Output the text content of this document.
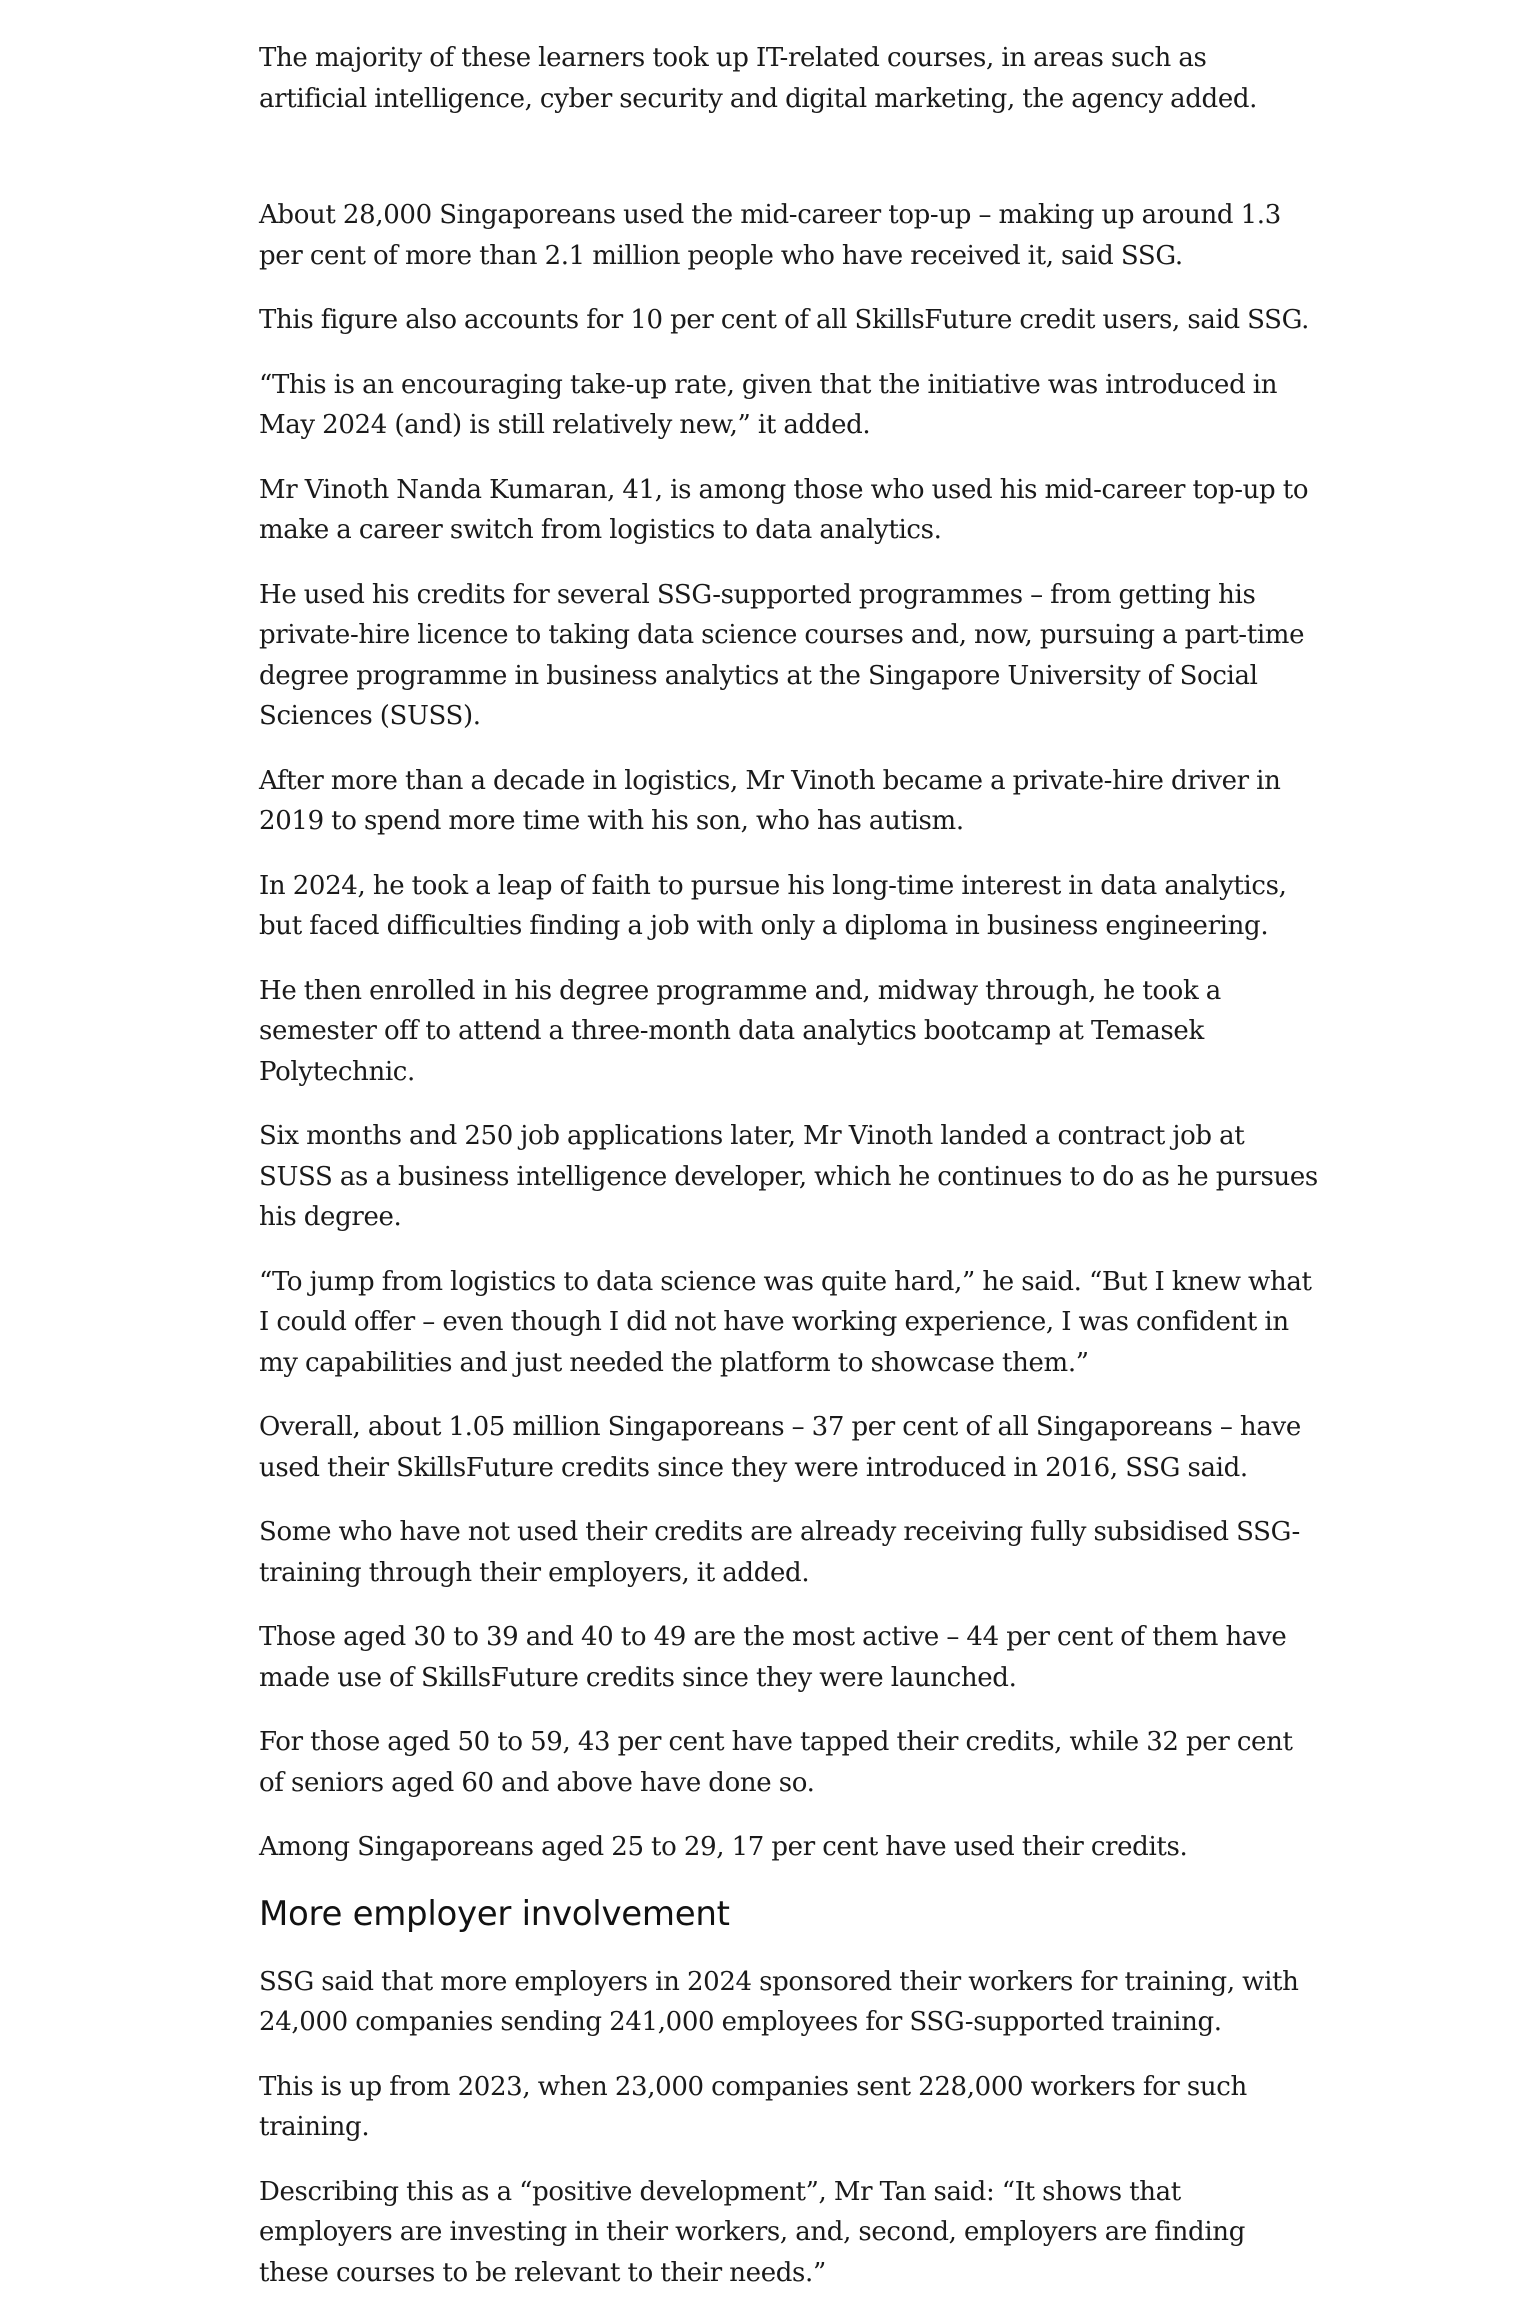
The majority of these learners took up IT-related courses, in areas such as artificial intelligence, cyber security and digital marketing, the agency added.

About 28,000 Singaporeans used the mid-career top-up – making up around 1.3 per cent of more than 2.1 million people who have received it, said SSG.

This figure also accounts for 10 per cent of all SkillsFuture credit users, said SSG.

“This is an encouraging take-up rate, given that the initiative was introduced in May 2024 (and) is still relatively new,” it added.

Mr Vinoth Nanda Kumaran, 41, is among those who used his mid-career top-up to make a career switch from logistics to data analytics.

He used his credits for several SSG-supported programmes – from getting his private-hire licence to taking data science courses and, now, pursuing a part-time degree programme in business analytics at the Singapore University of Social Sciences (SUSS).

After more than a decade in logistics, Mr Vinoth became a private-hire driver in 2019 to spend more time with his son, who has autism.

In 2024, he took a leap of faith to pursue his long-time interest in data analytics, but faced difficulties finding a job with only a diploma in business engineering.

He then enrolled in his degree programme and, midway through, he took a semester off to attend a three-month data analytics bootcamp at Temasek Polytechnic.

Six months and 250 job applications later, Mr Vinoth landed a contract job at SUSS as a business intelligence developer, which he continues to do as he pursues his degree.

“To jump from logistics to data science was quite hard,” he said. “But I knew what I could offer – even though I did not have working experience, I was confident in my capabilities and just needed the platform to showcase them.”

Overall, about 1.05 million Singaporeans – 37 per cent of all Singaporeans – have used their SkillsFuture credits since they were introduced in 2016, SSG said.

Some who have not used their credits are already receiving fully subsidised SSG-training through their employers, it added.

Those aged 30 to 39 and 40 to 49 are the most active – 44 per cent of them have made use of SkillsFuture credits since they were launched.

For those aged 50 to 59, 43 per cent have tapped their credits, while 32 per cent of seniors aged 60 and above have done so.

Among Singaporeans aged 25 to 29, 17 per cent have used their credits.

More employer involvement

SSG said that more employers in 2024 sponsored their workers for training, with 24,000 companies sending 241,000 employees for SSG-supported training.

This is up from 2023, when 23,000 companies sent 228,000 workers for such training.

Describing this as a “positive development”, Mr Tan said: “It shows that employers are investing in their workers, and, second, employers are finding these courses to be relevant to their needs.”
